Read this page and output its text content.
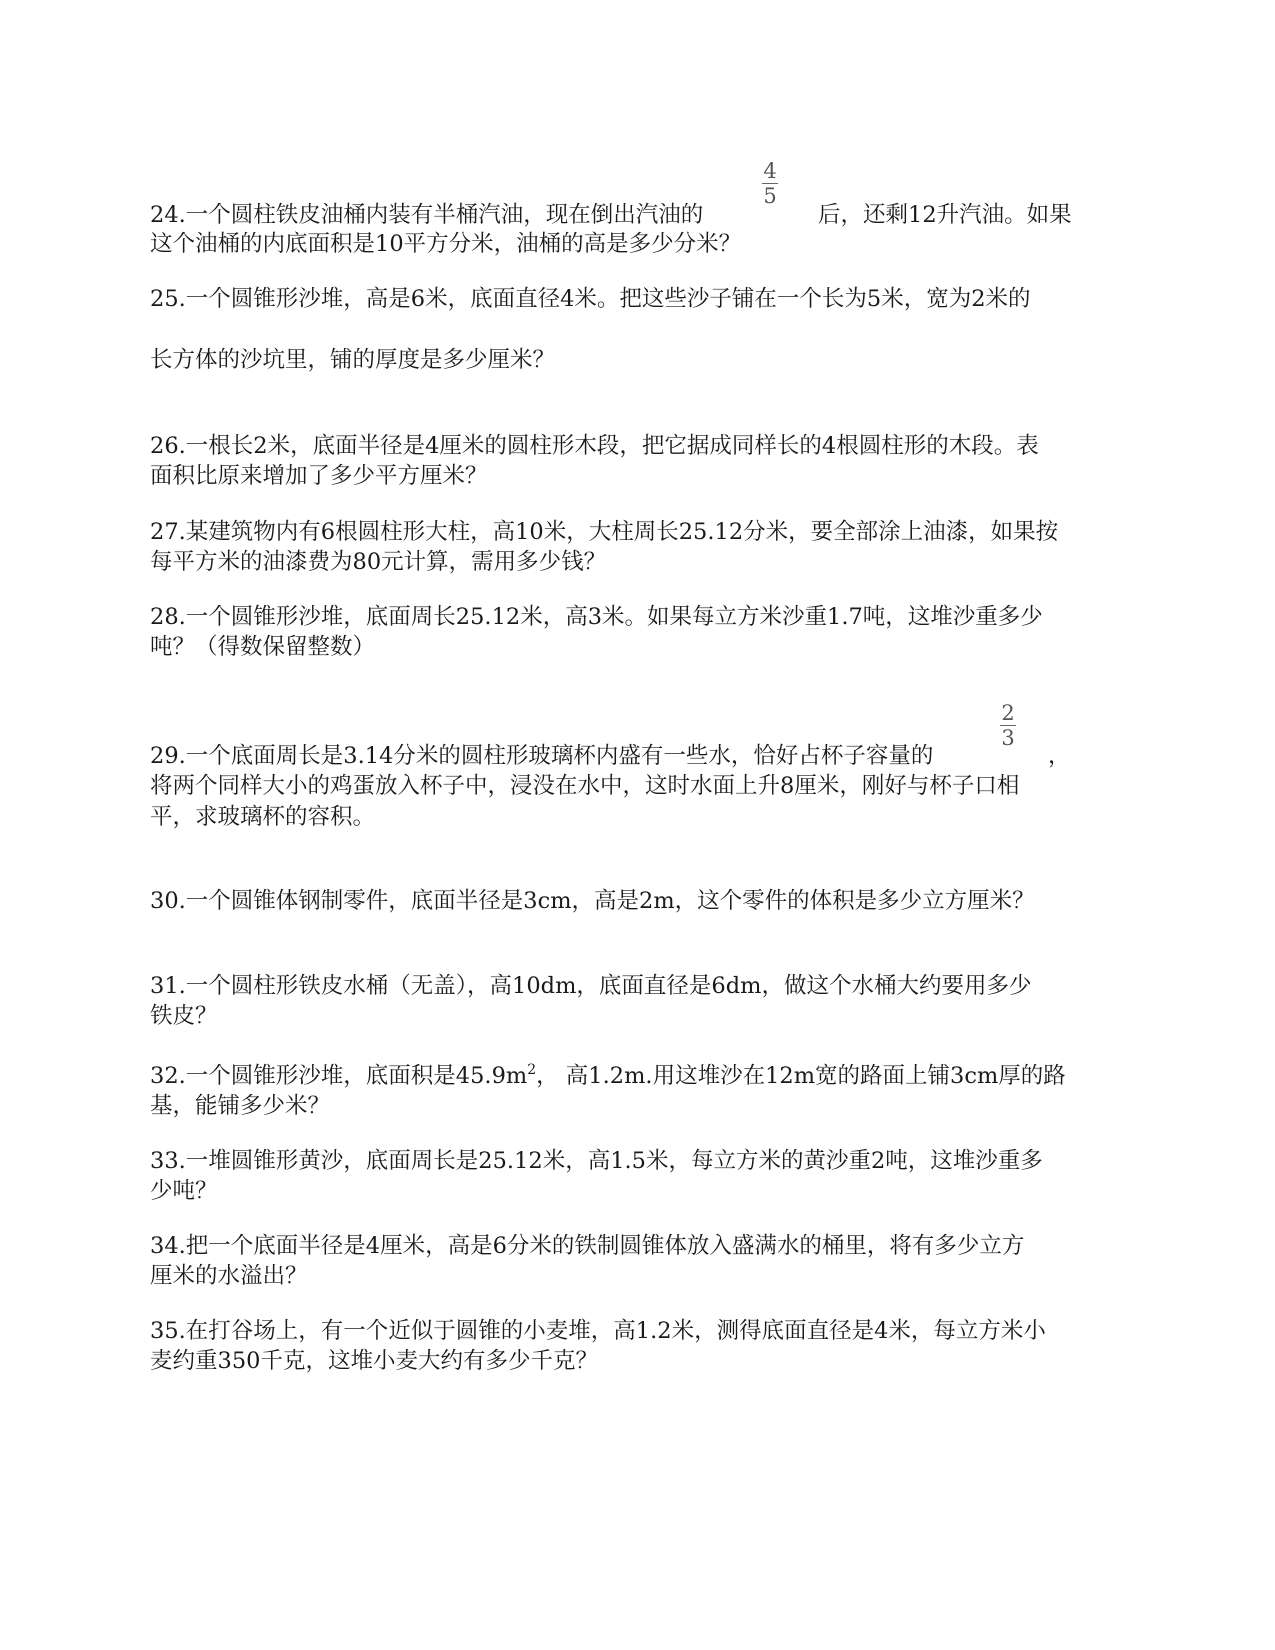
24.一个圆柱铁皮油桶内装有半桶汽油，现在倒出汽油的	后，还剩12升汽油。如果
4
5
这个油桶的内底面积是10平方分米，油桶的高是多少分米？
25.一个圆锥形沙堆，高是6米，底面直径4米。把这些沙子铺在一个长为5米，宽为2米的
长方体的沙坑里，铺的厚度是多少厘米？
26.一根长2米，底面半径是4厘米的圆柱形木段，把它据成同样长的4根圆柱形的木段。表
面积比原来增加了多少平方厘米？
27.某建筑物内有6根圆柱形大柱，高10米，大柱周长25.12分米，要全部涂上油漆，如果按
每平方米的油漆费为80元计算，需用多少钱？
28.一个圆锥形沙堆，底面周长25.12米，高3米。如果每立方米沙重1.7吨，这堆沙重多少
吨？（得数保留整数）
29.一个底面周长是3.14分米的圆柱形玻璃杯内盛有一些水，恰好占杯子容量的	，
2
3
将两个同样大小的鸡蛋放入杯子中，浸没在水中，这时水面上升8厘米，刚好与杯子口相
平，求玻璃杯的容积。
30.一个圆锥体钢制零件，底面半径是3cm，高是2m，这个零件的体积是多少立方厘米？
31.一个圆柱形铁皮水桶（无盖），高10dm，底面直径是6dm，做这个水桶大约要用多少
铁皮？
32.一个圆锥形沙堆，底面积是$45.9m^2$， 高1.2m.用这堆沙在12m宽的路面上铺3cm厚的路
基，能铺多少米？
33.一堆圆锥形黄沙，底面周长是25.12米，高1.5米，每立方米的黄沙重2吨，这堆沙重多
少吨？
34.把一个底面半径是4厘米，高是6分米的铁制圆锥体放入盛满水的桶里，将有多少立方
厘米的水溢出？
35.在打谷场上，有一个近似于圆锥的小麦堆，高1.2米，测得底面直径是4米，每立方米小
麦约重350千克，这堆小麦大约有多少千克？
